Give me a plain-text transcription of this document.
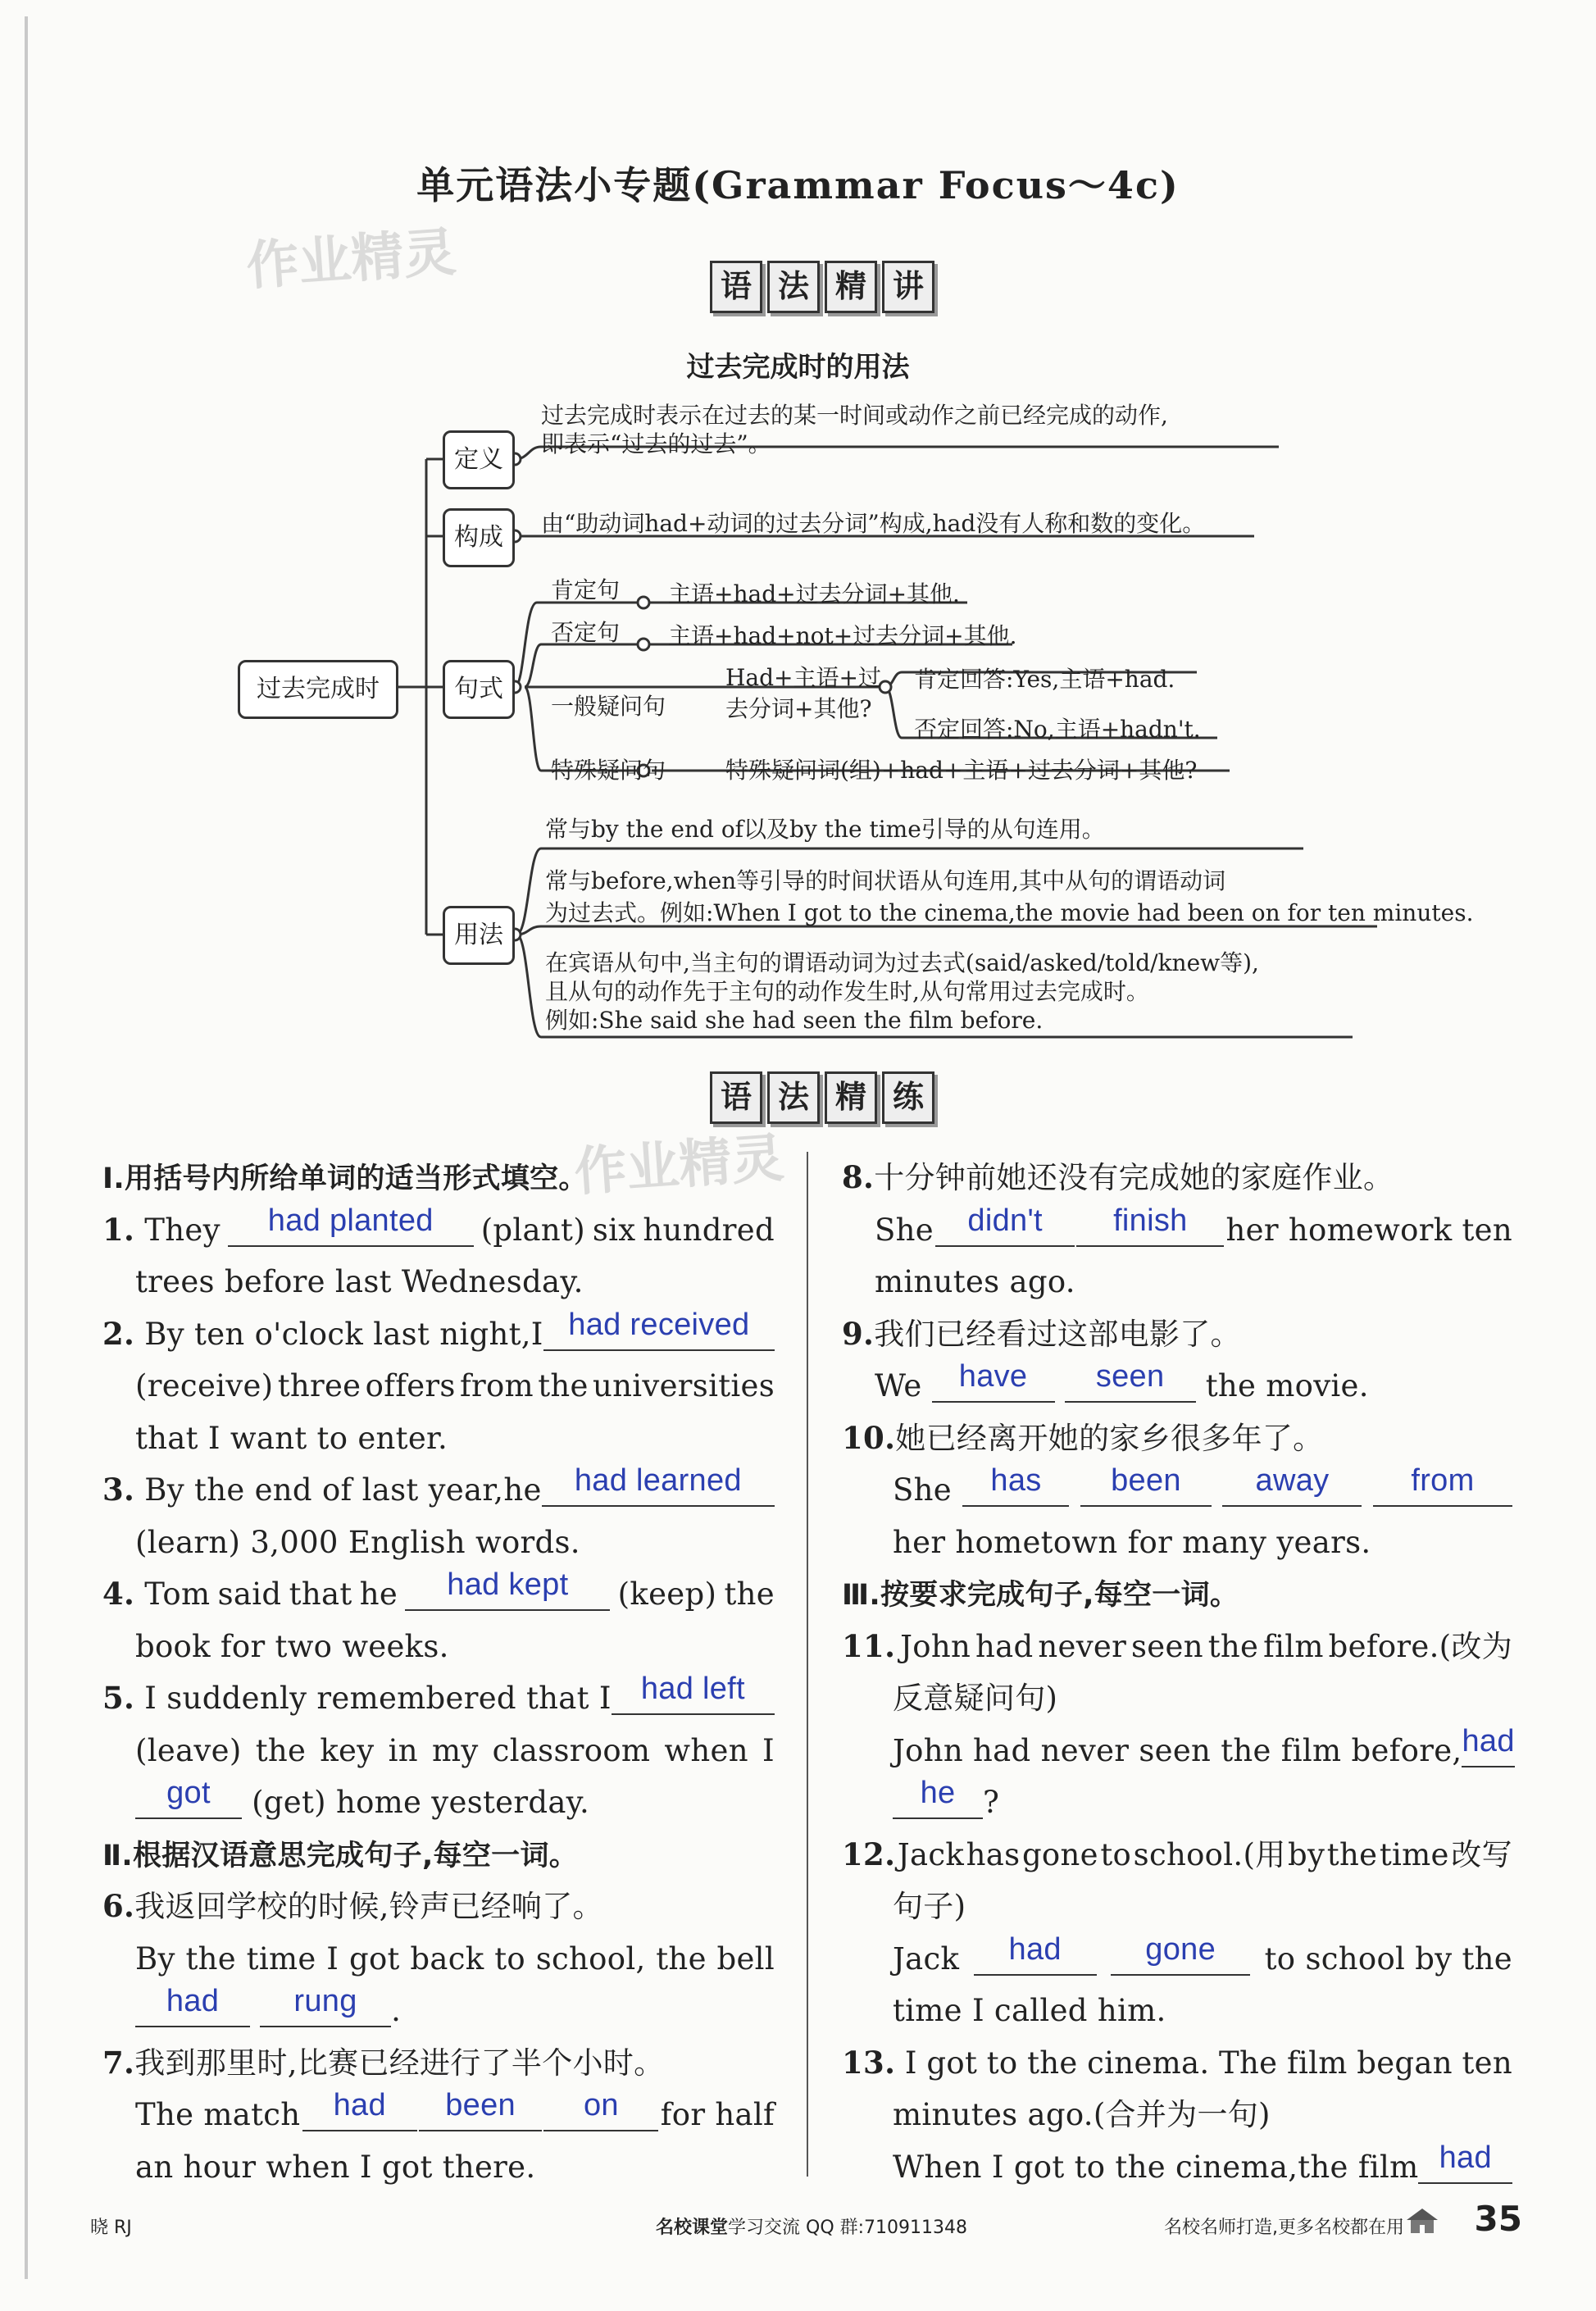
作业精灵
作业精灵
单元语法小专题(Grammar Focus～4c)
语 法 精 讲
过去完成时的用法
过去完成时
定义
构成
句式
用法
过去完成时表示在过去的某一时间或动作之前已经完成的动作,
即表示“过去的过去”。
由“助动词had+动词的过去分词”构成,had没有人称和数的变化。
肯定句 主语+had+过去分词+其他.
否定句 主语+had+not+过去分词+其他.
一般疑问句
Had+主语+过
去分词+其他?
肯定回答:Yes,主语+had.
否定回答:No,主语+hadn't.
特殊疑问句	特殊疑问词(组)+had+主语+过去分词+其他?
常与by the end of以及by the time引导的从句连用。
常与before,when等引导的时间状语从句连用,其中从句的谓语动词
为过去式。例如:When I got to the cinema,the movie had been on for ten minutes.
在宾语从句中,当主句的谓语动词为过去式(said/asked/told/knew等),
且从句的动作先于主句的动作发生时,从句常用过去完成时。
例如:She said she had seen the film before.
语 法 精 练
Ⅰ.用括号内所给单词的适当形式填空。
1. They	had planted	(plant) six hundred
trees before last Wednesday.
2. By ten o'clock last night,I had received
(receive) three offers from the universities
that I want to enter.
3. By the end of last year,he	had learned
(learn) 3,000 English words.
4. Tom said that he	had kept	(keep) the
book for two weeks.
5. I suddenly remembered that I had left
(leave) the key in my classroom when I
got (get) home yesterday.
Ⅱ.根据汉语意思完成句子,每空一词。
6.我返回学校的时候,铃声已经响了。
By the time I got back to school, the bell
had rung .
7.我到那里时,比赛已经进行了半个小时。
The match	had	been	on	for half
an hour when I got there.
8.十分钟前她还没有完成她的家庭作业。
She	didn't	finish	her homework ten
minutes ago.
9.我们已经看过这部电影了。
We have seen the movie.
10.她已经离开她的家乡很多年了。
She	has	been	away	from
her hometown for many years.
Ⅲ.按要求完成句子,每空一词。
11. John had never seen the film before.(改为
反意疑问句)
John had never seen the film before, had
he ?
12. Jack has gone to school.(用 by the time 改写
句子)
Jack	had	gone	to school by the
time I called him.
13. I got to the cinema. The film began ten
minutes ago.(合并为一句)
When I got to the cinema,the film had
晓 RJ	名校课堂学习交流 QQ 群:710911348	名校名师打造,更多名校都在用 35
